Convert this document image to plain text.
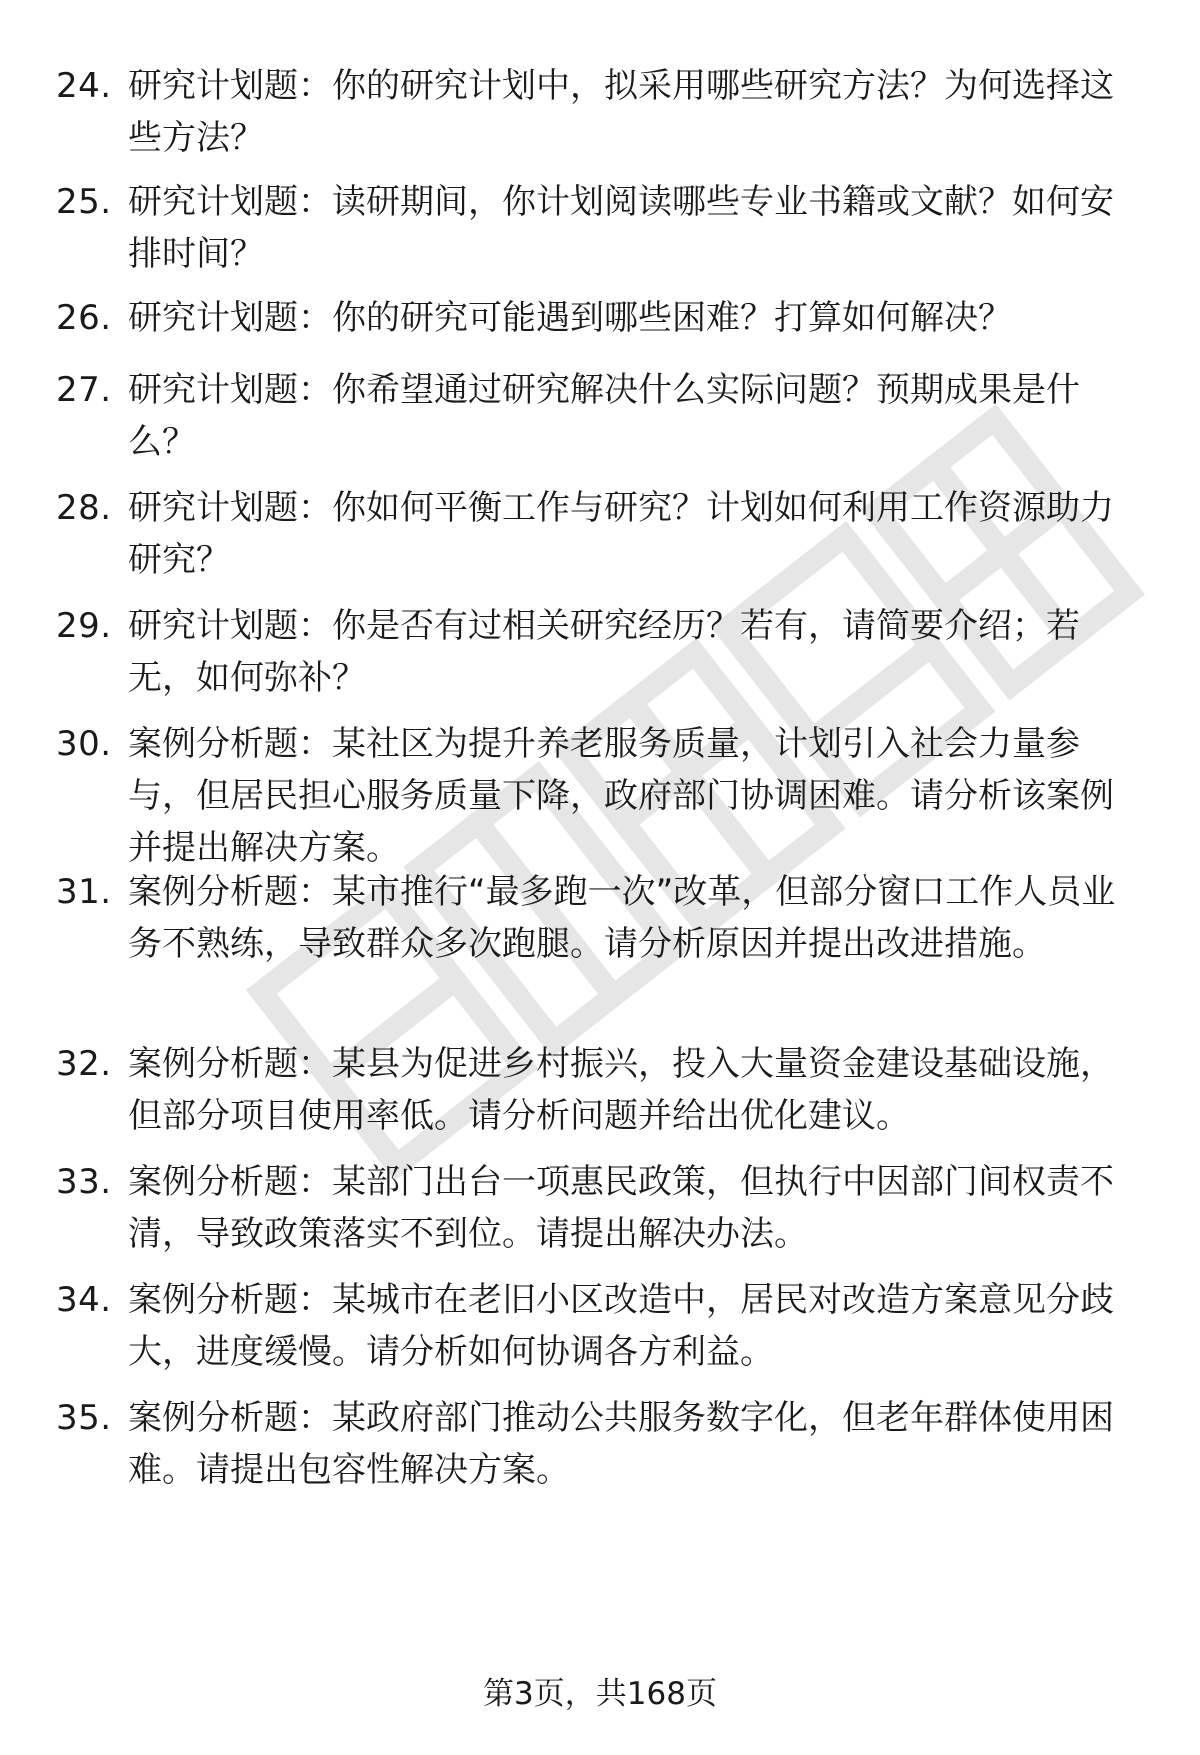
24. 研究计划题：你的研究计划中，拟采用哪些研究方法？为何选择这些方法？

25. 研究计划题：读研期间，你计划阅读哪些专业书籍或文献？如何安排时间？

26. 研究计划题：你的研究可能遇到哪些困难？打算如何解决？

27. 研究计划题：你希望通过研究解决什么实际问题？预期成果是什么？

28. 研究计划题：你如何平衡工作与研究？计划如何利用工作资源助力研究？

29. 研究计划题：你是否有过相关研究经历？若有，请简要介绍；若无，如何弥补？

30. 案例分析题：某社区为提升养老服务质量，计划引入社会力量参与，但居民担心服务质量下降，政府部门协调困难。请分析该案例并提出解决方案。

31. 案例分析题：某市推行“最多跑一次”改革，但部分窗口工作人员业务不熟练，导致群众多次跑腿。请分析原因并提出改进措施。

32. 案例分析题：某县为促进乡村振兴，投入大量资金建设基础设施，但部分项目使用率低。请分析问题并给出优化建议。

33. 案例分析题：某部门出台一项惠民政策，但执行中因部门间权责不清，导致政策落实不到位。请提出解决办法。

34. 案例分析题：某城市在老旧小区改造中，居民对改造方案意见分歧大，进度缓慢。请分析如何协调各方利益。

35. 案例分析题：某政府部门推动公共服务数字化，但老年群体使用困难。请提出包容性解决方案。

第3页，共168页
